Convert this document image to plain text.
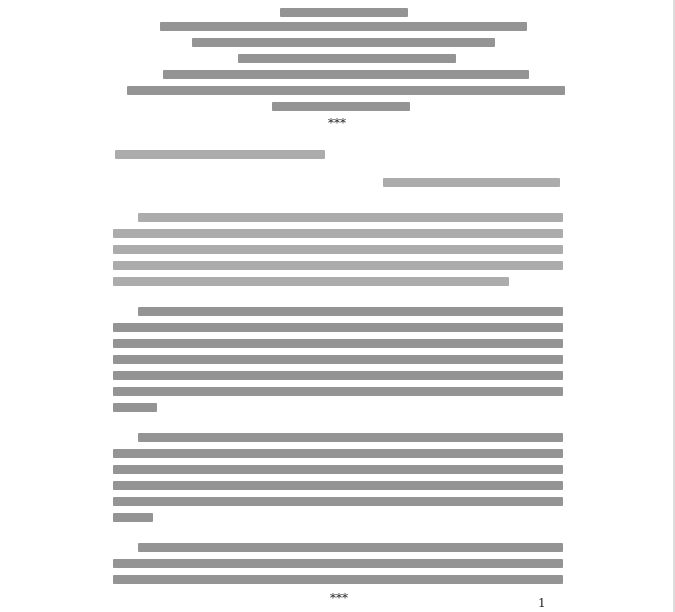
***
***	1
